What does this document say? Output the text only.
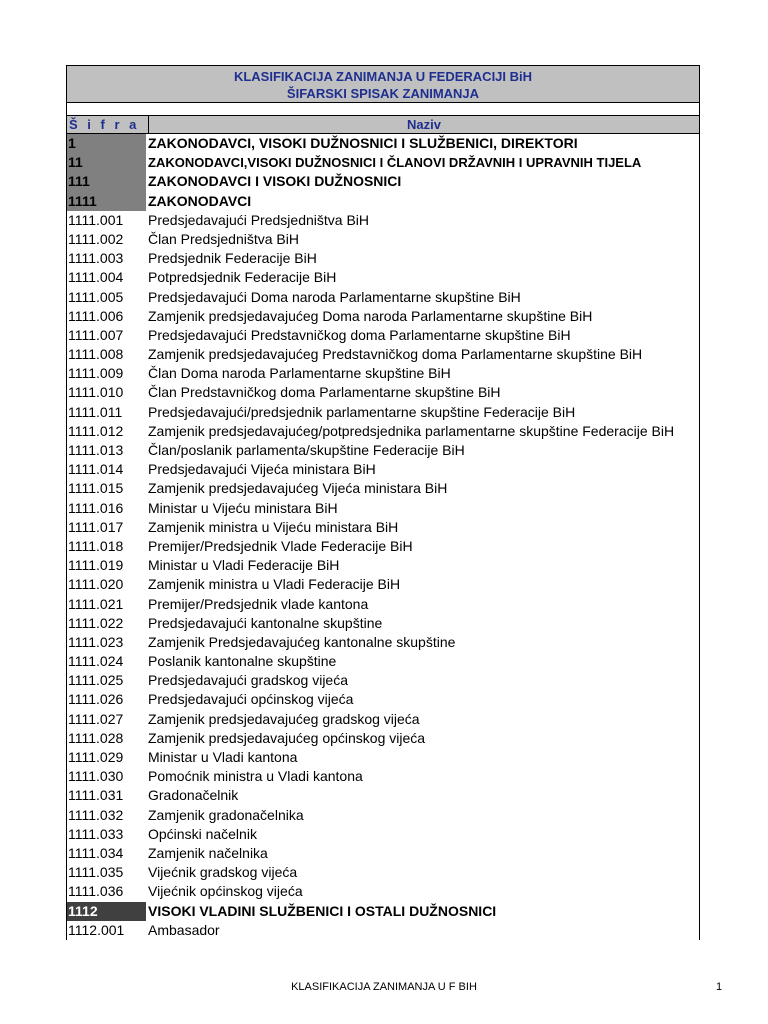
KLASIFIKACIJA ZANIMANJA U FEDERACIJI BiH
ŠIFARSKI SPISAK ZANIMANJA
Š i f r a	Naziv
1	ZAKONODAVCI, VISOKI DUŽNOSNICI I SLUŽBENICI, DIREKTORI
11	ZAKONODAVCI,VISOKI DUŽNOSNICI I ČLANOVI DRŽAVNIH I UPRAVNIH TIJELA
111	ZAKONODAVCI I VISOKI DUŽNOSNICI
1111	ZAKONODAVCI
1111.001	Predsjedavajući Predsjedništva BiH
1111.002	Član Predsjedništva BiH
1111.003	Predsjednik Federacije BiH
1111.004	Potpredsjednik Federacije BiH
1111.005	Predsjedavajući Doma naroda Parlamentarne skupštine BiH
1111.006	Zamjenik predsjedavajućeg Doma naroda Parlamentarne skupštine BiH
1111.007	Predsjedavajući Predstavničkog doma Parlamentarne skupštine BiH
1111.008	Zamjenik predsjedavajućeg Predstavničkog doma Parlamentarne skupštine BiH
1111.009	Član Doma naroda Parlamentarne skupštine BiH
1111.010	Član Predstavničkog doma Parlamentarne skupštine BiH
1111.011	Predsjedavajući/predsjednik parlamentarne skupštine Federacije BiH
1111.012	Zamjenik predsjedavajućeg/potpredsjednika parlamentarne skupštine Federacije BiH
1111.013	Član/poslanik parlamenta/skupštine Federacije BiH
1111.014	Predsjedavajući Vijeća ministara BiH
1111.015	Zamjenik predsjedavajućeg Vijeća ministara BiH
1111.016	Ministar u Vijeću ministara BiH
1111.017	Zamjenik ministra u Vijeću ministara BiH
1111.018	Premijer/Predsjednik Vlade Federacije BiH
1111.019	Ministar u Vladi Federacije BiH
1111.020	Zamjenik ministra u Vladi Federacije BiH
1111.021	Premijer/Predsjednik vlade kantona
1111.022	Predsjedavajući kantonalne skupštine
1111.023	Zamjenik Predsjedavajućeg kantonalne skupštine
1111.024	Poslanik kantonalne skupštine
1111.025	Predsjedavajući gradskog vijeća
1111.026	Predsjedavajući općinskog vijeća
1111.027	Zamjenik predsjedavajućeg gradskog vijeća
1111.028	Zamjenik predsjedavajućeg općinskog vijeća
1111.029	Ministar u Vladi kantona
1111.030	Pomoćnik ministra u Vladi kantona
1111.031	Gradonačelnik
1111.032	Zamjenik gradonačelnika
1111.033	Općinski načelnik
1111.034	Zamjenik načelnika
1111.035	Vijećnik gradskog vijeća
1111.036	Vijećnik općinskog vijeća
1112	VISOKI VLADINI SLUŽBENICI I OSTALI DUŽNOSNICI
1112.001	Ambasador
KLASIFIKACIJA ZANIMANJA U F BIH	1
